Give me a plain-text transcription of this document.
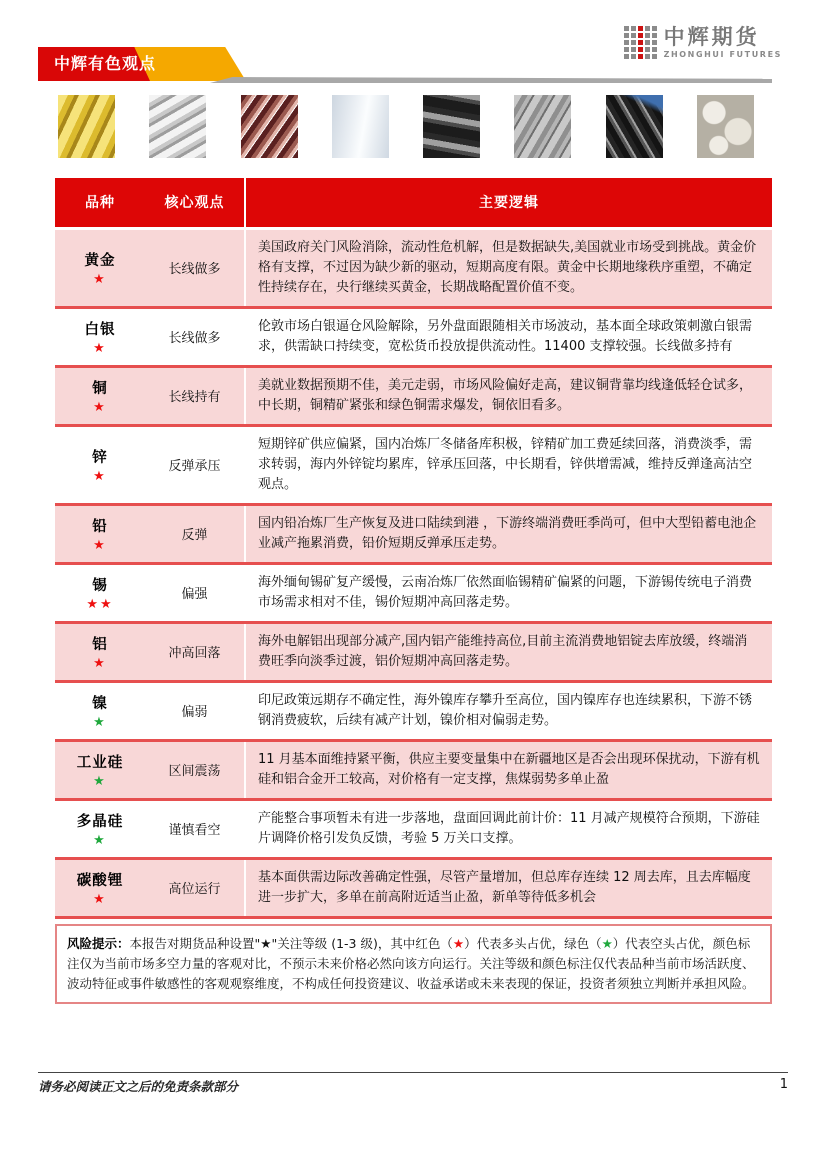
中辉有色观点
中辉期货
ZHONGHUI FUTURES
品种	核心观点	主要逻辑

黄金
★	长线做多	美国政府关门风险消除，流动性危机解，但是数据缺失,美国就业市场受到挑战。黄金价格有支撑，不过因为缺少新的驱动，短期高度有限。黄金中长期地缘秩序重塑，不确定性持续存在，央行继续买黄金，长期战略配置价值不变。

白银
★	长线做多	伦敦市场白银逼仓风险解除，另外盘面跟随相关市场波动，基本面全球政策刺激白银需求，供需缺口持续变，宽松货币投放提供流动性。11400 支撑较强。长线做多持有

铜
★	长线持有	美就业数据预期不佳，美元走弱，市场风险偏好走高，建议铜背靠均线逢低轻仓试多，中长期，铜精矿紧张和绿色铜需求爆发，铜依旧看多。

锌
★	反弹承压	短期锌矿供应偏紧，国内冶炼厂冬储备库积极，锌精矿加工费延续回落，消费淡季，需求转弱，海内外锌锭均累库，锌承压回落，中长期看，锌供增需减，维持反弹逢高沽空观点。

铅
★	反弹	国内铅冶炼厂生产恢复及进口陆续到港 ，下游终端消费旺季尚可，但中大型铅蓄电池企业减产拖累消费，铅价短期反弹承压走势。

锡
★★	偏强	海外缅甸锡矿复产缓慢，云南冶炼厂依然面临锡精矿偏紧的问题，下游锡传统电子消费市场需求相对不佳，锡价短期冲高回落走势。

铝
★	冲高回落	海外电解铝出现部分减产,国内铝产能维持高位,目前主流消费地铝锭去库放缓，终端消费旺季向淡季过渡，铝价短期冲高回落走势。

镍
★	偏弱	印尼政策远期存不确定性，海外镍库存攀升至高位，国内镍库存也连续累积，下游不锈钢消费疲软，后续有减产计划，镍价相对偏弱走势。

工业硅
★	区间震荡	11 月基本面维持紧平衡，供应主要变量集中在新疆地区是否会出现环保扰动，下游有机硅和铝合金开工较高，对价格有一定支撑，焦煤弱势多单止盈

多晶硅
★	谨慎看空	产能整合事项暂未有进一步落地，盘面回调此前计价：11 月减产规模符合预期，下游硅片调降价格引发负反馈，考验 5 万关口支撑。

碳酸锂
★	高位运行	基本面供需边际改善确定性强，尽管产量增加，但总库存连续 12 周去库，且去库幅度进一步扩大，多单在前高附近适当止盈，新单等待低多机会
风险提示：本报告对期货品种设置"★"关注等级 (1-3 级)，其中红色（★）代表多头占优，绿色（★）代表空头占优，颜色标注仅为当前市场多空力量的客观对比，不预示未来价格必然向该方向运行。关注等级和颜色标注仅代表品种当前市场活跃度、波动特征或事件敏感性的客观观察维度，不构成任何投资建议、收益承诺或未来表现的保证，投资者须独立判断并承担风险。
请务必阅读正文之后的免责条款部分	1
